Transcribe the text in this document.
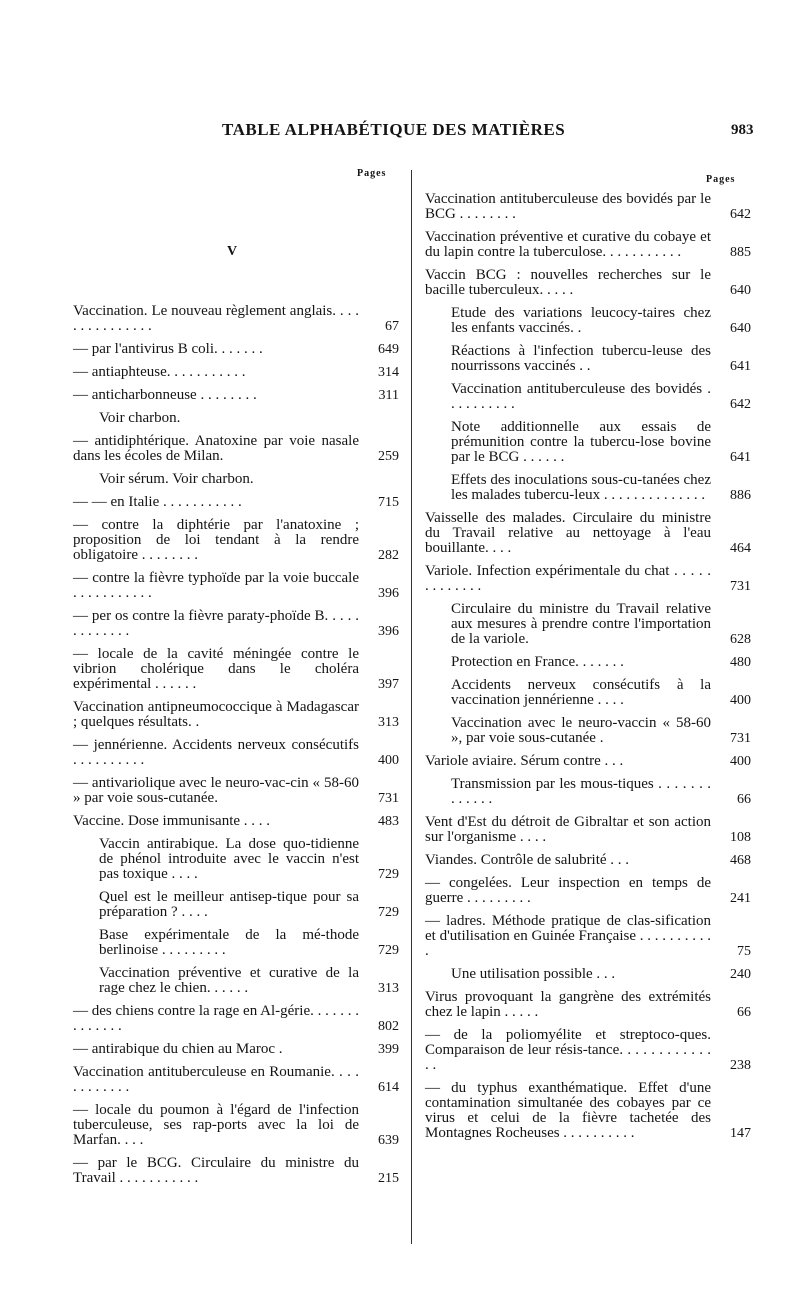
TABLE ALPHABÉTIQUE DES MATIÈRES	983
Pages
Pages
V
Vaccination. Le nouveau règlement anglais. . . . . . . . . . . . . . .	67
— par l'antivirus B coli. . . . . . .	649
— antiaphteuse. . . . . . . . . . .	314
— anticharbonneuse . . . . . . . .	311
Voir charbon.
— antidiphtérique. Anatoxine par voie nasale dans les écoles de Milan.	259
Voir sérum. Voir charbon.
— — en Italie . . . . . . . . . . .	715
— contre la diphtérie par l'anatoxine ; proposition de loi tendant à la rendre obligatoire . . . . . . . .	282
— contre la fièvre typhoïde par la voie buccale . . . . . . . . . . .	396
— per os contre la fièvre paraty-phoïde B. . . . . . . . . . . . .	396
— locale de la cavité méningée contre le vibrion cholérique dans le choléra expérimental . . . . . .	397
Vaccination antipneumococcique à Madagascar ; quelques résultats. .	313
— jennérienne. Accidents nerveux consécutifs . . . . . . . . . .	400
— antivariolique avec le neuro-vac-cin « 58-60 » par voie sous-cutanée.	731
Vaccine. Dose immunisante . . . .	483
Vaccin antirabique. La dose quo-tidienne de phénol introduite avec le vaccin n'est pas toxique . . . .	729
Quel est le meilleur antisep-tique pour sa préparation ? . . . .	729
Base expérimentale de la mé-thode berlinoise . . . . . . . . .	729
Vaccination préventive et curative de la rage chez le chien. . . . . .	313
— des chiens contre la rage en Al-gérie. . . . . . . . . . . . . .	802
— antirabique du chien au Maroc .	399
Vaccination antituberculeuse en Roumanie. . . . . . . . . . . .	614
— locale du poumon à l'égard de l'infection tuberculeuse, ses rap-ports avec la loi de Marfan. . . .	639
— par le BCG. Circulaire du ministre du Travail . . . . . . . . . . .	215
Vaccination antituberculeuse des bovidés par le BCG . . . . . . . .	642
Vaccination préventive et curative du cobaye et du lapin contre la tuberculose. . . . . . . . . . .	885
Vaccin BCG : nouvelles recherches sur le bacille tuberculeux. . . . .	640
Etude des variations leucocy-taires chez les enfants vaccinés. .	640
Réactions à l'infection tubercu-leuse des nourrissons vaccinés . .	641
Vaccination antituberculeuse des bovidés . . . . . . . . . .	642
Note additionnelle aux essais de prémunition contre la tubercu-lose bovine par le BCG . . . . . .	641
Effets des inoculations sous-cu-tanées chez les malades tubercu-leux . . . . . . . . . . . . . .	886
Vaisselle des malades. Circulaire du ministre du Travail relative au nettoyage à l'eau bouillante. . . .	464
Variole. Infection expérimentale du chat . . . . . . . . . . . . .	731
Circulaire du ministre du Travail relative aux mesures à prendre contre l'importation de la variole.	628
Protection en France. . . . . . .	480
Accidents nerveux consécutifs à la vaccination jennérienne . . . .	400
Vaccination avec le neuro-vaccin « 58-60 », par voie sous-cutanée .	731
Variole aviaire. Sérum contre . . .	400
Transmission par les mous-tiques . . . . . . . . . . . . .	66
Vent d'Est du détroit de Gibraltar et son action sur l'organisme . . . .	108
Viandes. Contrôle de salubrité . . .	468
— congelées. Leur inspection en temps de guerre . . . . . . . . .	241
— ladres. Méthode pratique de clas-sification et d'utilisation en Guinée Française . . . . . . . . . . .	75
Une utilisation possible . . .	240
Virus provoquant la gangrène des extrémités chez le lapin . . . . .	66
— de la poliomyélite et streptoco-ques. Comparaison de leur résis-tance. . . . . . . . . . . . . .	238
— du typhus exanthématique. Effet d'une contamination simultanée des cobayes par ce virus et celui de la fièvre tachetée des Montagnes Rocheuses . . . . . . . . . .	147
